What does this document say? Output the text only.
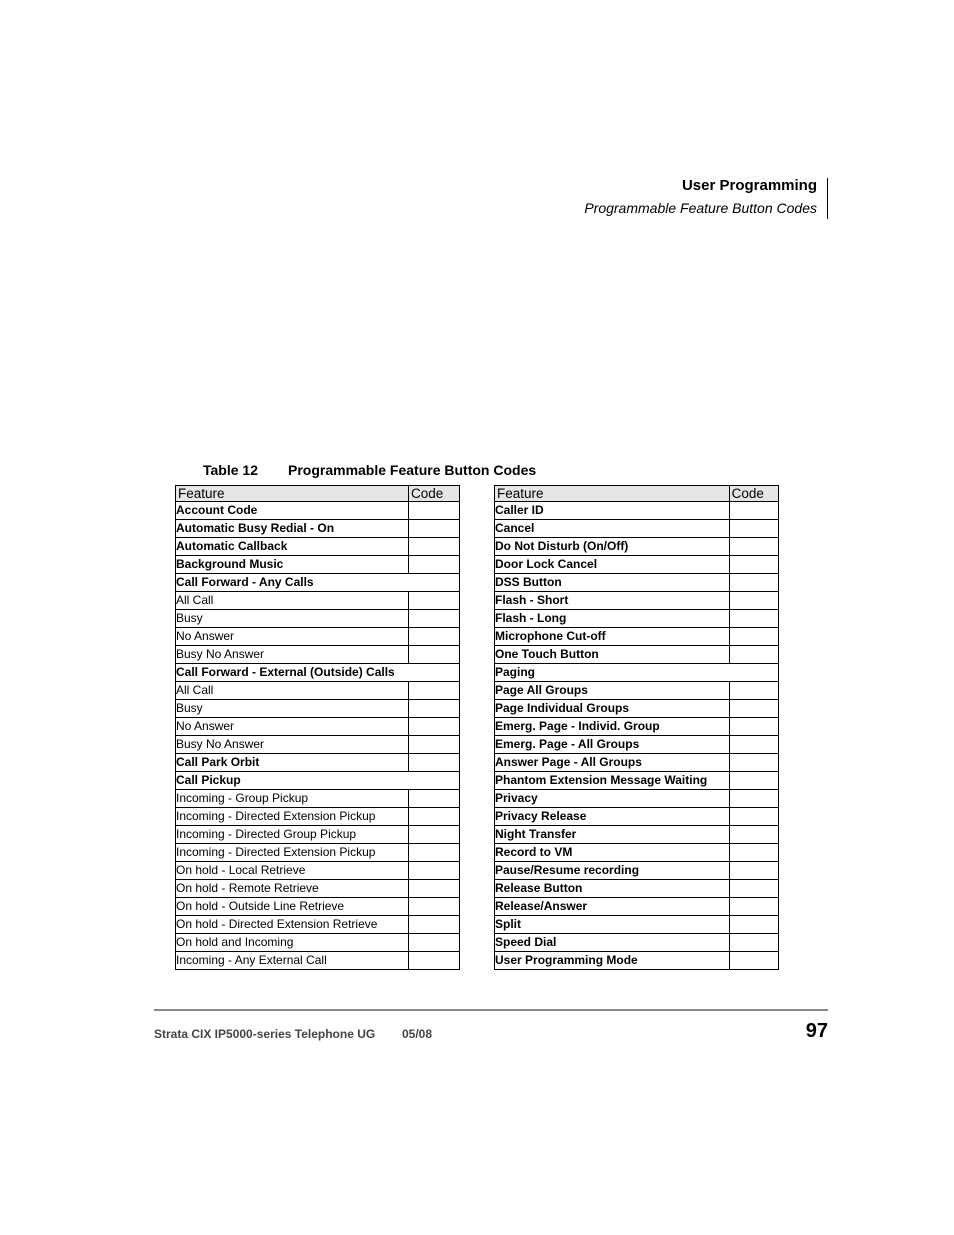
User Programming
Programmable Feature Button Codes
Table 12 Programmable Feature Button Codes
Feature	Code
Account Code	
Automatic Busy Redial - On	
Automatic Callback	
Background Music	
Call Forward - Any Calls	
All Call	
Busy	
No Answer	
Busy No Answer	
Call Forward - External (Outside) Calls	
All Call	
Busy	
No Answer	
Busy No Answer	
Call Park Orbit	
Call Pickup	
Incoming - Group Pickup	
Incoming - Directed Extension Pickup	
Incoming - Directed Group Pickup	
Incoming - Directed Extension Pickup	
On hold - Local Retrieve	
On hold - Remote Retrieve	
On hold - Outside Line Retrieve	
On hold - Directed Extension Retrieve	
On hold and Incoming	
Incoming - Any External Call	
Feature	Code
Caller ID	
Cancel	
Do Not Disturb (On/Off)	
Door Lock Cancel	
DSS Button	
Flash - Short	
Flash - Long	
Microphone Cut-off	
One Touch Button	
Paging	
Page All Groups	
Page Individual Groups	
Emerg. Page - Individ. Group	
Emerg. Page - All Groups	
Answer Page - All Groups	
Phantom Extension Message Waiting	
Privacy	
Privacy Release	
Night Transfer	
Record to VM	
Pause/Resume recording	
Release Button	
Release/Answer	
Split	
Speed Dial	
User Programming Mode	
Strata CIX IP5000-series Telephone UG 05/08	97
